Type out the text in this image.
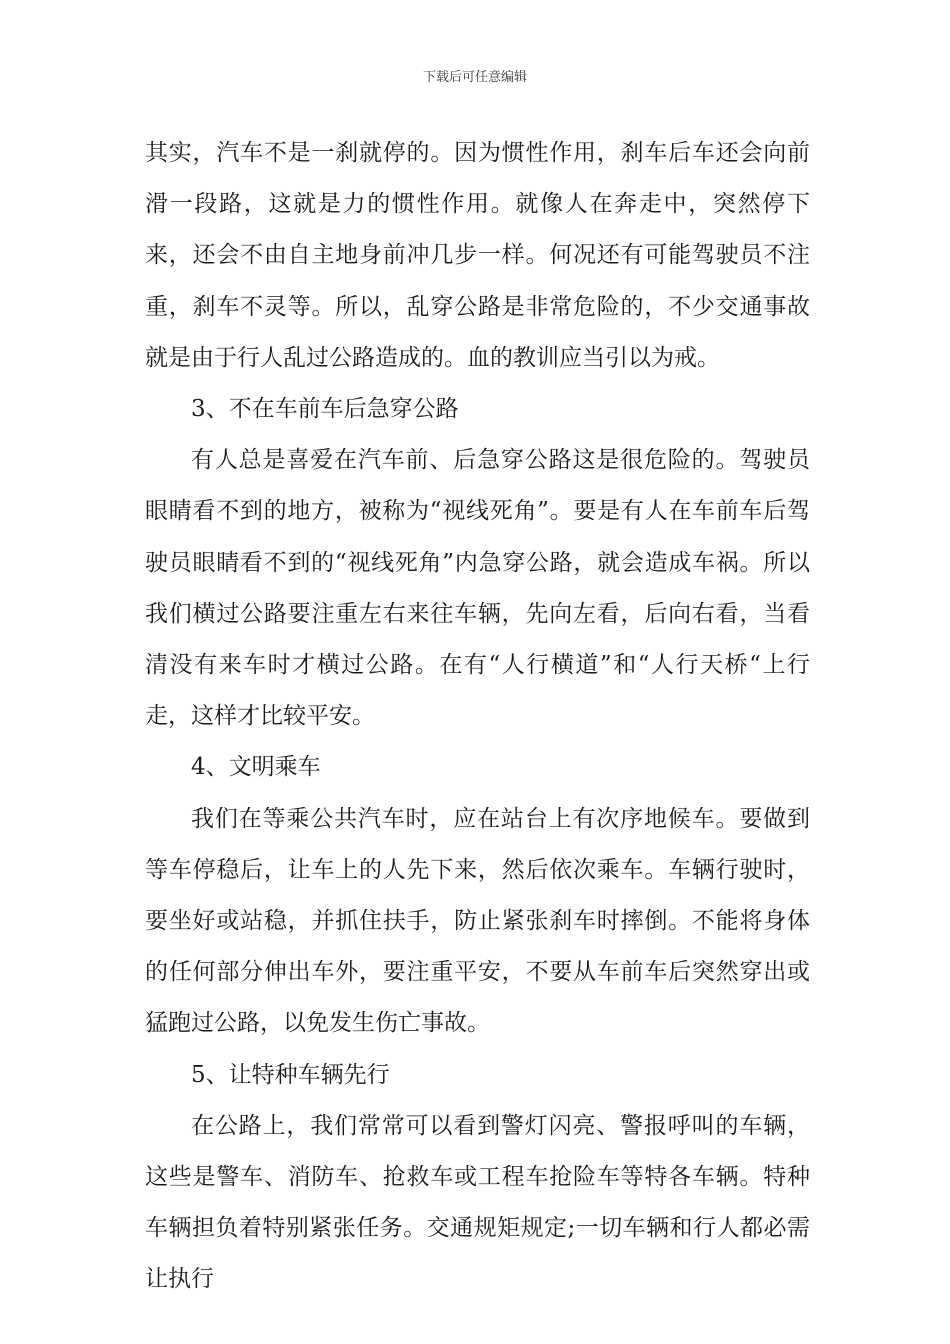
下载后可任意编辑

其实，汽车不是一刹就停的。因为惯性作用，刹车后车还会向前滑一段路，这就是力的惯性作用。就像人在奔走中，突然停下来，还会不由自主地身前冲几步一样。何况还有可能驾驶员不注重，刹车不灵等。所以，乱穿公路是非常危险的，不少交通事故就是由于行人乱过公路造成的。血的教训应当引以为戒。

3、不在车前车后急穿公路

有人总是喜爱在汽车前、后急穿公路这是很危险的。驾驶员眼睛看不到的地方，被称为“视线死角”。要是有人在车前车后驾驶员眼睛看不到的“视线死角”内急穿公路，就会造成车祸。所以我们横过公路要注重左右来往车辆，先向左看，后向右看，当看清没有来车时才横过公路。在有“人行横道”和“人行天桥“上行走，这样才比较平安。

4、文明乘车

我们在等乘公共汽车时，应在站台上有次序地候车。要做到等车停稳后，让车上的人先下来，然后依次乘车。车辆行驶时，要坐好或站稳，并抓住扶手，防止紧张刹车时摔倒。不能将身体的任何部分伸出车外，要注重平安，不要从车前车后突然穿出或猛跑过公路，以免发生伤亡事故。

5、让特种车辆先行

在公路上，我们常常可以看到警灯闪亮、警报呼叫的车辆，这些是警车、消防车、抢救车或工程车抢险车等特各车辆。特种车辆担负着特别紧张任务。交通规矩规定;一切车辆和行人都必需让执行
